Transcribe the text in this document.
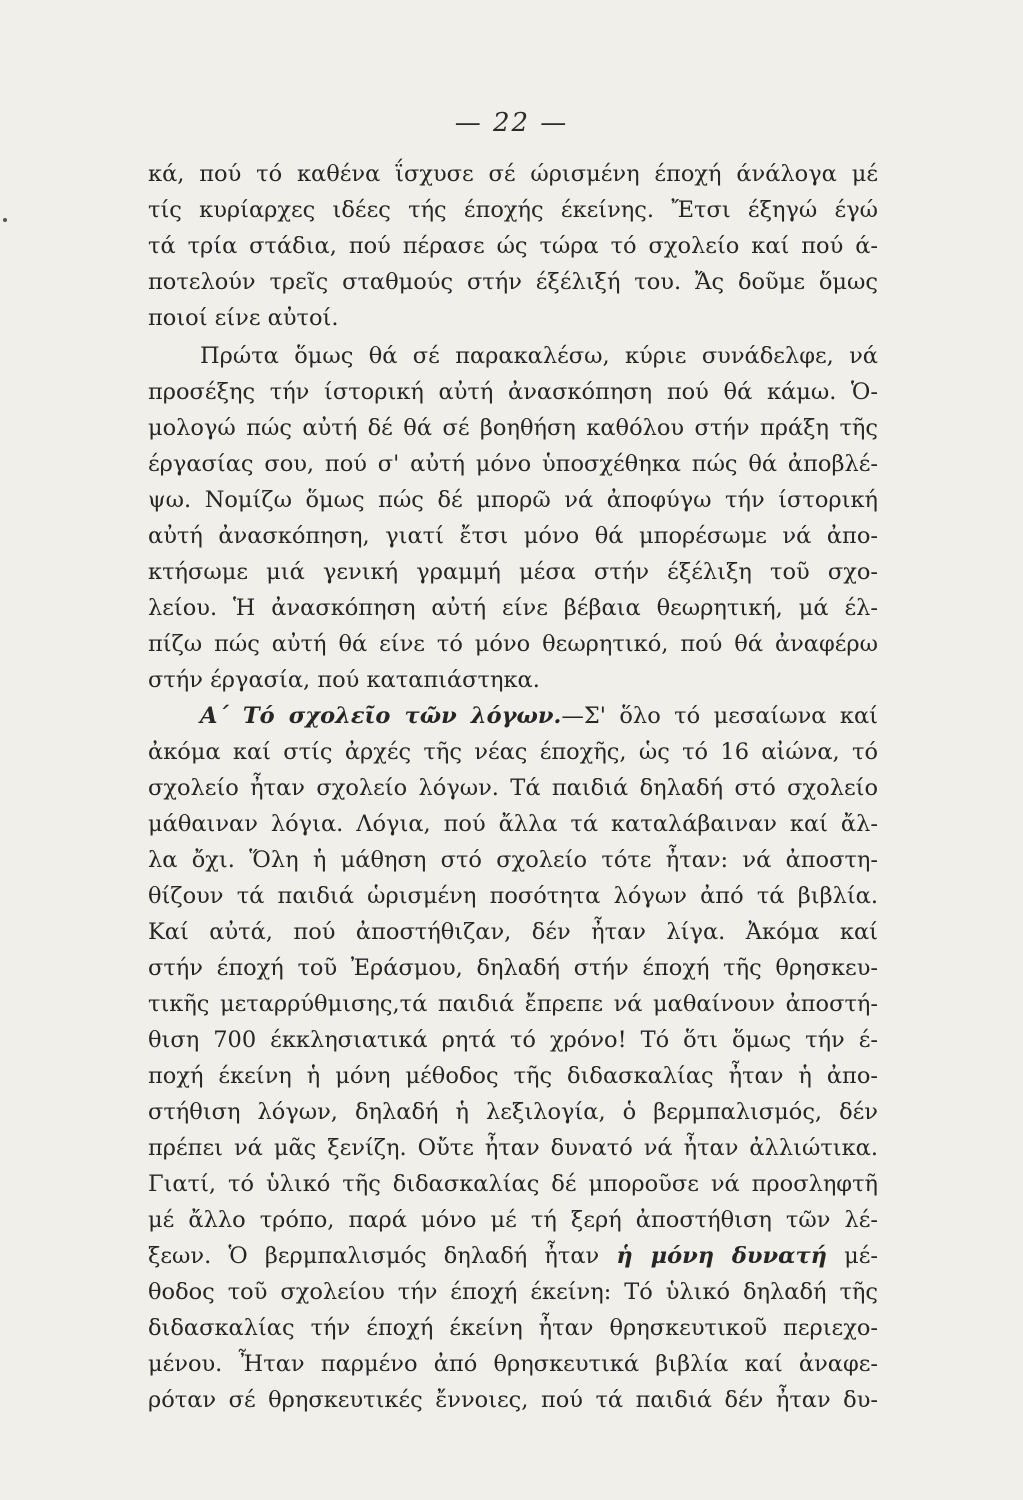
— 22 —
κά, πού τό καθένα ΐσχυσε σέ ώρισμένη έποχή άνάλογα μέ
τίς κυρίαρχες ιδέες τής έποχής έκείνης. Ἔτσι έξηγώ έγώ
τά τρία στάδια, πού πέρασε ώς τώρα τό σχολείο καί πού ά-
ποτελούν τρεῖς σταθμούς στήν έξέλιξή του. Ἄς δοῦμε ὅμως
ποιοί είνε αὐτοί.
Πρώτα ὅμως θά σέ παρακαλέσω, κύριε συνάδελφε, νά
προσέξης τήν ίστορική αὐτή ἀνασκόπηση πού θά κάμω. Ὁ-
μολογώ πώς αὐτή δέ θά σέ βοηθήση καθόλου στήν πράξη τῆς
έργασίας σου, πού σ' αὐτή μόνο ὑποσχέθηκα πώς θά ἀποβλέ-
ψω. Νομίζω ὅμως πώς δέ μπορῶ νά ἀποφύγω τήν ίστορική
αὐτή ἀνασκόπηση, γιατί ἔτσι μόνο θά μπορέσωμε νά ἀπο-
κτήσωμε μιά γενική γραμμή μέσα στήν έξέλιξη τοῦ σχο-
λείου. Ἡ ἀνασκόπηση αὐτή είνε βέβαια θεωρητική, μά έλ-
πίζω πώς αὐτή θά είνε τό μόνο θεωρητικό, πού θά ἀναφέρω
στήν έργασία, πού καταπιάστηκα.
Α΄ Τό σχολεῖο τῶν λόγων.—Σ' ὅλο τό μεσαίωνα καί
ἀκόμα καί στίς ἀρχές τῆς νέας έποχῆς, ὡς τό 16 αἰώνα, τό
σχολείο ἦταν σχολείο λόγων. Τά παιδιά δηλαδή στό σχολείο
μάθαιναν λόγια. Λόγια, πού ἄλλα τά καταλάβαιναν καί ἄλ-
λα ὄχι. Ὅλη ἡ μάθηση στό σχολείο τότε ἦταν: νά ἀποστη-
θίζουν τά παιδιά ὡρισμένη ποσότητα λόγων ἀπό τά βιβλία.
Καί αὐτά, πού ἀποστήθιζαν, δέν ἦταν λίγα. Ἀκόμα καί
στήν έποχή τοῦ Ἐράσμου, δηλαδή στήν έποχή τῆς θρησκευ-
τικῆς μεταρρύθμισης,τά παιδιά ἔπρεπε νά μαθαίνουν ἀποστή-
θιση 700 έκκλησιατικά ρητά τό χρόνο! Τό ὅτι ὅμως τήν έ-
ποχή έκείνη ἡ μόνη μέθοδος τῆς διδασκαλίας ἦταν ἡ ἀπο-
στήθιση λόγων, δηλαδή ἡ λεξιλογία, ὁ βερμπαλισμός, δέν
πρέπει νά μᾶς ξενίζη. Οὔτε ἦταν δυνατό νά ἦταν ἀλλιώτικα.
Γιατί, τό ὑλικό τῆς διδασκαλίας δέ μποροῦσε νά προσληφτῆ
μέ ἄλλο τρόπο, παρά μόνο μέ τή ξερή ἀποστήθιση τῶν λέ-
ξεων. Ὁ βερμπαλισμός δηλαδή ἦταν ἡ μόνη δυνατή μέ-
θοδος τοῦ σχολείου τήν έποχή έκείνη: Τό ὑλικό δηλαδή τῆς
διδασκαλίας τήν έποχή έκείνη ἦταν θρησκευτικοῦ περιεχο-
μένου. Ἦταν παρμένο ἀπό θρησκευτικά βιβλία καί ἀναφε-
ρόταν σέ θρησκευτικές ἔννοιες, πού τά παιδιά δέν ἦταν δυ-
